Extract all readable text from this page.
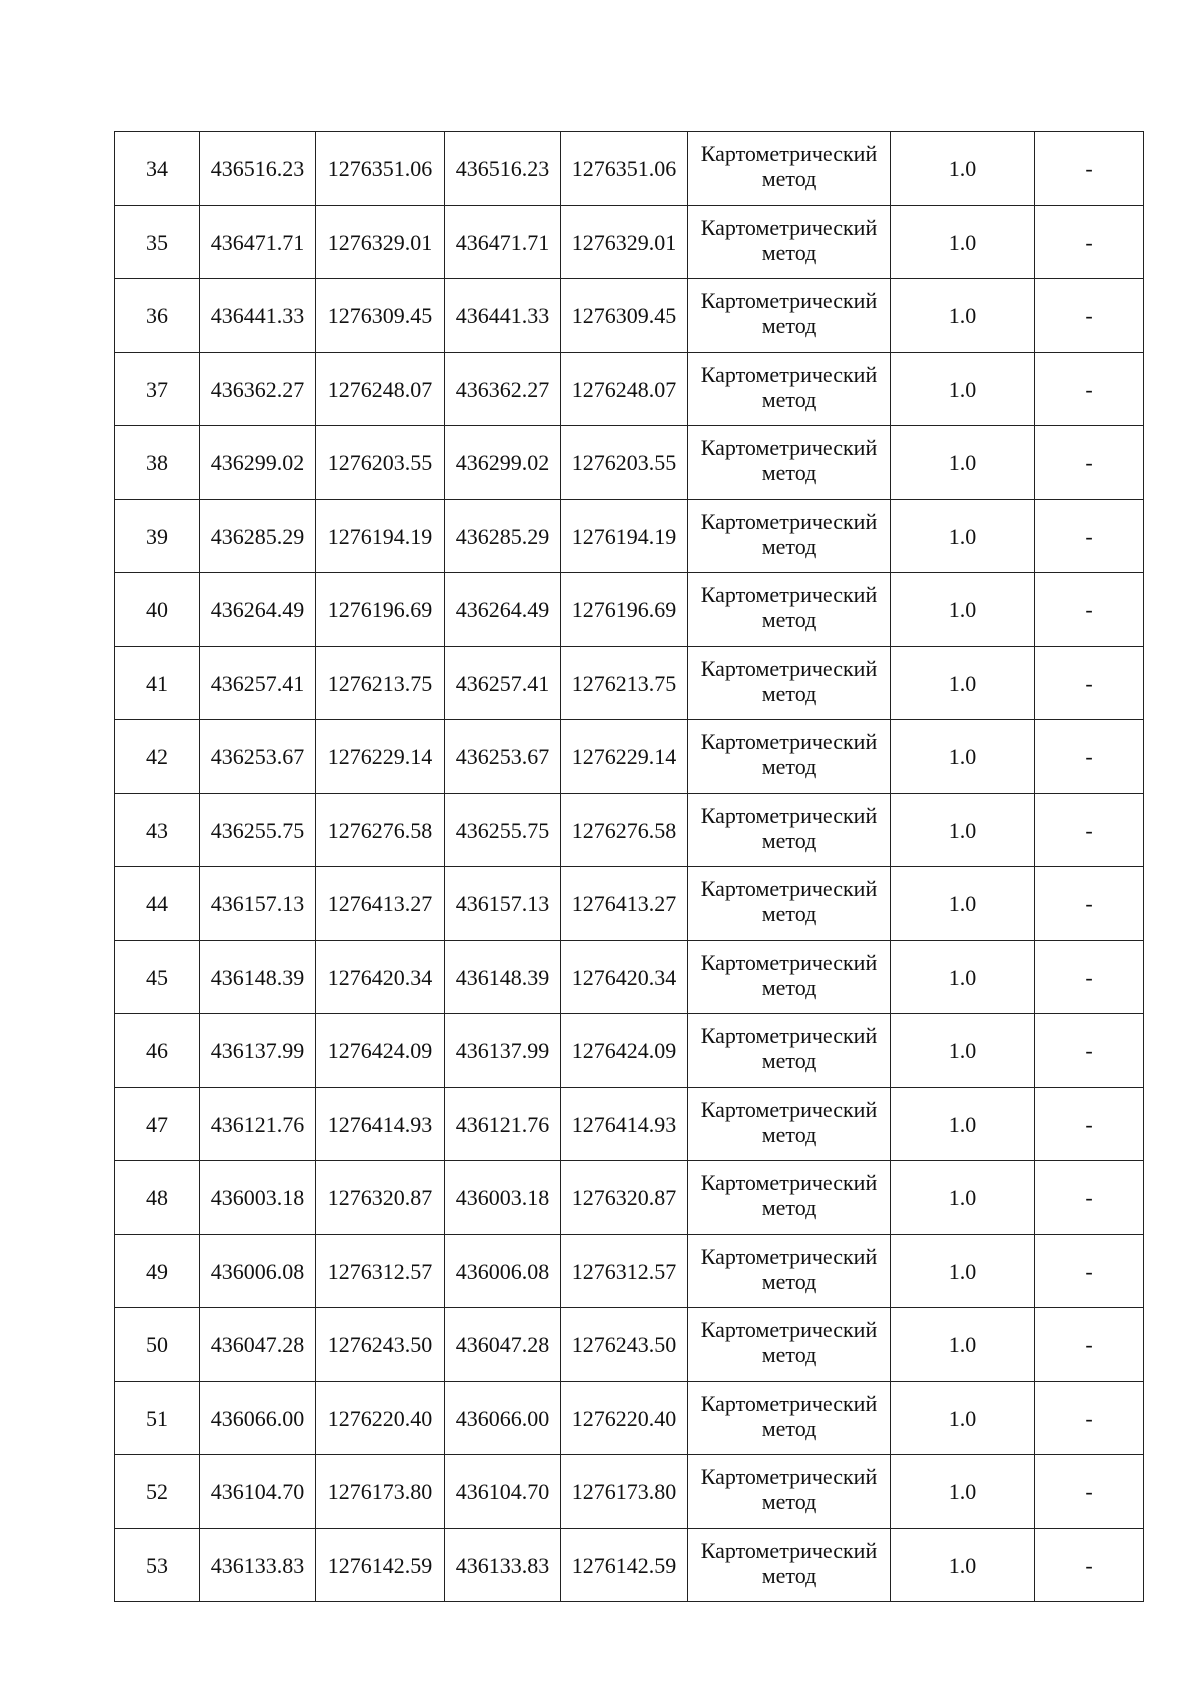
34	436516.23	1276351.06	436516.23	1276351.06	Картометрический метод	1.0	-
35	436471.71	1276329.01	436471.71	1276329.01	Картометрический метод	1.0	-
36	436441.33	1276309.45	436441.33	1276309.45	Картометрический метод	1.0	-
37	436362.27	1276248.07	436362.27	1276248.07	Картометрический метод	1.0	-
38	436299.02	1276203.55	436299.02	1276203.55	Картометрический метод	1.0	-
39	436285.29	1276194.19	436285.29	1276194.19	Картометрический метод	1.0	-
40	436264.49	1276196.69	436264.49	1276196.69	Картометрический метод	1.0	-
41	436257.41	1276213.75	436257.41	1276213.75	Картометрический метод	1.0	-
42	436253.67	1276229.14	436253.67	1276229.14	Картометрический метод	1.0	-
43	436255.75	1276276.58	436255.75	1276276.58	Картометрический метод	1.0	-
44	436157.13	1276413.27	436157.13	1276413.27	Картометрический метод	1.0	-
45	436148.39	1276420.34	436148.39	1276420.34	Картометрический метод	1.0	-
46	436137.99	1276424.09	436137.99	1276424.09	Картометрический метод	1.0	-
47	436121.76	1276414.93	436121.76	1276414.93	Картометрический метод	1.0	-
48	436003.18	1276320.87	436003.18	1276320.87	Картометрический метод	1.0	-
49	436006.08	1276312.57	436006.08	1276312.57	Картометрический метод	1.0	-
50	436047.28	1276243.50	436047.28	1276243.50	Картометрический метод	1.0	-
51	436066.00	1276220.40	436066.00	1276220.40	Картометрический метод	1.0	-
52	436104.70	1276173.80	436104.70	1276173.80	Картометрический метод	1.0	-
53	436133.83	1276142.59	436133.83	1276142.59	Картометрический метод	1.0	-
